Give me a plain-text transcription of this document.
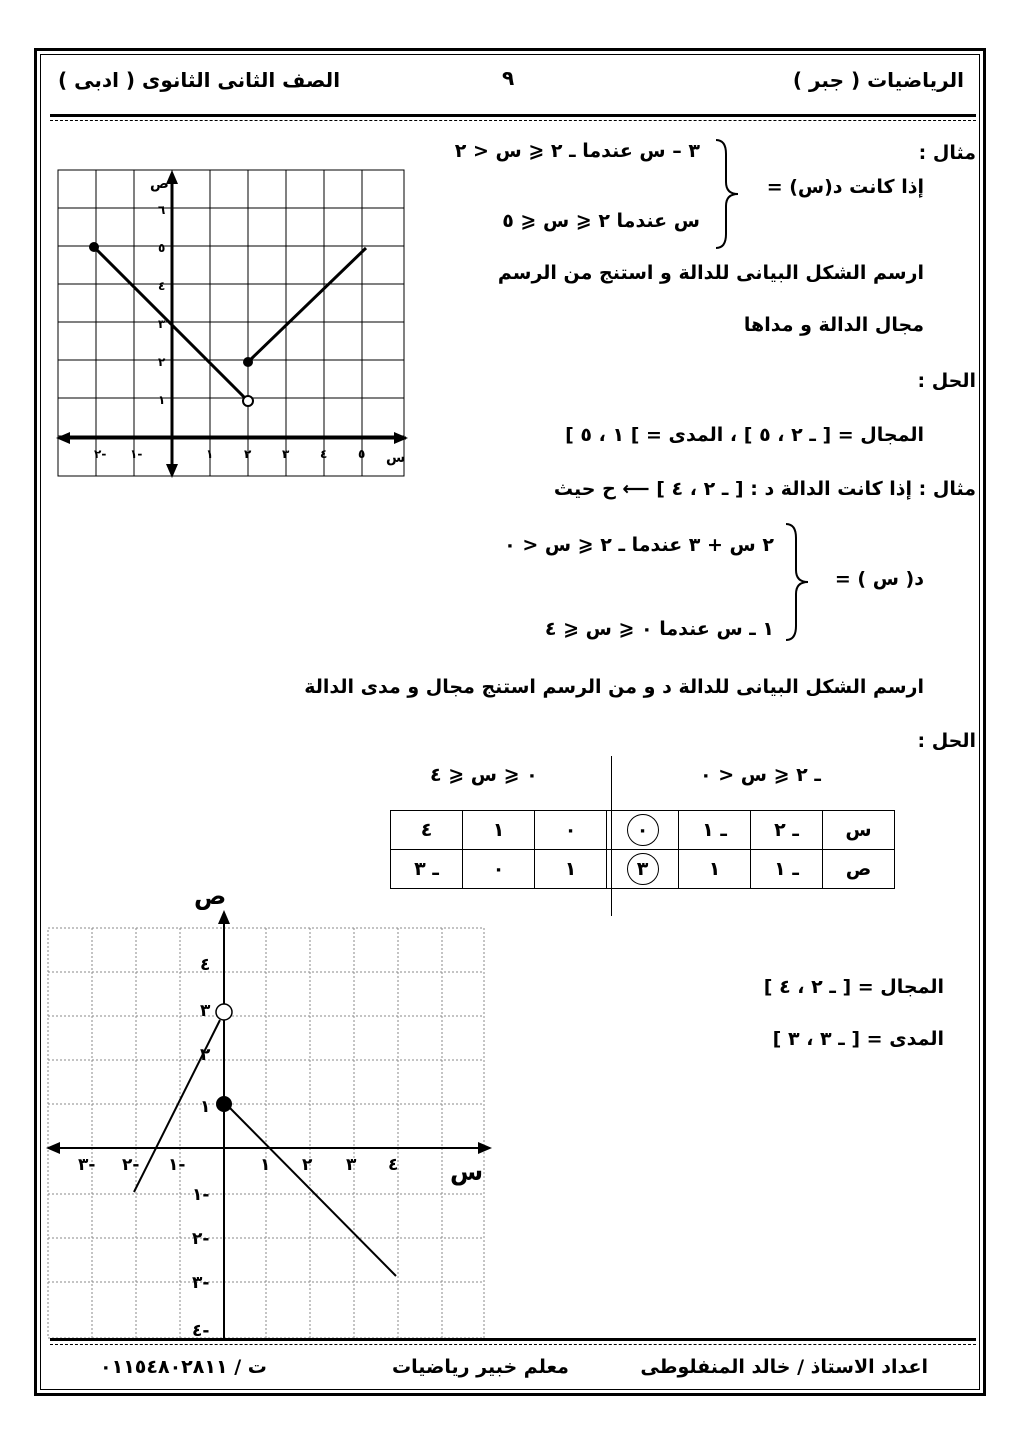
الرياضيات ( جبر )
٩
الصف الثانى الثانوى ( ادبى )
مثال :
إذا كانت د(س) =
٣ – س عندما ـ ٢ ⩽ س < ٢
س عندما ٢ ⩽ س ⩽ ٥
ارسم الشكل البيانى للدالة و استنج من الرسم
مجال الدالة و مداها
الحل :
المجال = [ ـ ٢ ، ٥ ] ، المدى = ] ١ ، ٥ ]
ص
س
٢- ١-	١	٢	٣	٤	٥
١
٢
٣
٤
٥
٦
مثال : إذا كانت الدالة د : [ ـ ٢ ، ٤ ] ⟵ ح حيث
د( س ) =
٢ س + ٣ عندما ـ ٢ ⩽ س < ٠
١ ـ س عندما ٠ ⩽ س ⩽ ٤
ارسم الشكل البيانى للدالة د و من الرسم استنج مجال و مدى الدالة
الحل :
ـ ٢ ⩽ س < ٠
٠ ⩽ س ⩽ ٤
س	ـ ٢	ـ ١	٠	٠	١	٤
ص	ـ ١	١	٣	١	٠	ـ ٣
المجال = [ ـ ٢ ، ٤ ]
المدى = [ ـ ٣ ، ٣ ]
ص
س
٣- ٢- ١-	١ ٢ ٣ ٤
٤
٣
٢
١
١-
٢-
٣-
٤-
اعداد الاستاذ / خالد المنفلوطى
معلم خبير رياضيات
ت / ٠١١٥٤٨٠٢٨١١
